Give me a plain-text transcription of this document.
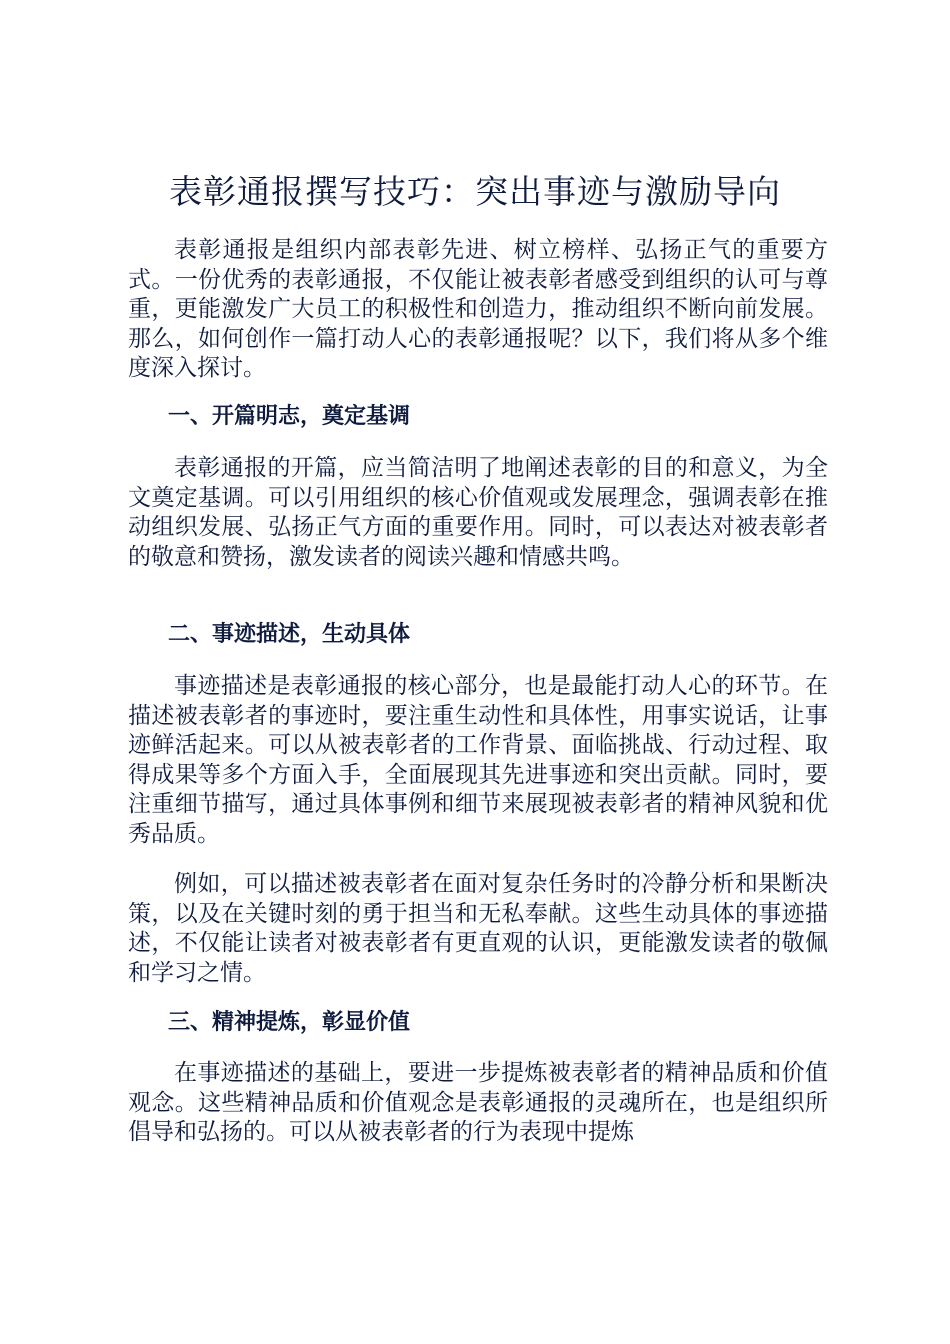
表彰通报撰写技巧：突出事迹与激励导向

表彰通报是组织内部表彰先进、树立榜样、弘扬正气的重要方式。一份优秀的表彰通报，不仅能让被表彰者感受到组织的认可与尊重，更能激发广大员工的积极性和创造力，推动组织不断向前发展。那么，如何创作一篇打动人心的表彰通报呢？以下，我们将从多个维度深入探讨。

一、开篇明志，奠定基调

表彰通报的开篇，应当简洁明了地阐述表彰的目的和意义，为全文奠定基调。可以引用组织的核心价值观或发展理念，强调表彰在推动组织发展、弘扬正气方面的重要作用。同时，可以表达对被表彰者的敬意和赞扬，激发读者的阅读兴趣和情感共鸣。

二、事迹描述，生动具体

事迹描述是表彰通报的核心部分，也是最能打动人心的环节。在描述被表彰者的事迹时，要注重生动性和具体性，用事实说话，让事迹鲜活起来。可以从被表彰者的工作背景、面临挑战、行动过程、取得成果等多个方面入手，全面展现其先进事迹和突出贡献。同时，要注重细节描写，通过具体事例和细节来展现被表彰者的精神风貌和优秀品质。

例如，可以描述被表彰者在面对复杂任务时的冷静分析和果断决策，以及在关键时刻的勇于担当和无私奉献。这些生动具体的事迹描述，不仅能让读者对被表彰者有更直观的认识，更能激发读者的敬佩和学习之情。

三、精神提炼，彰显价值

在事迹描述的基础上，要进一步提炼被表彰者的精神品质和价值观念。这些精神品质和价值观念是表彰通报的灵魂所在，也是组织所倡导和弘扬的。可以从被表彰者的行为表现中提炼
